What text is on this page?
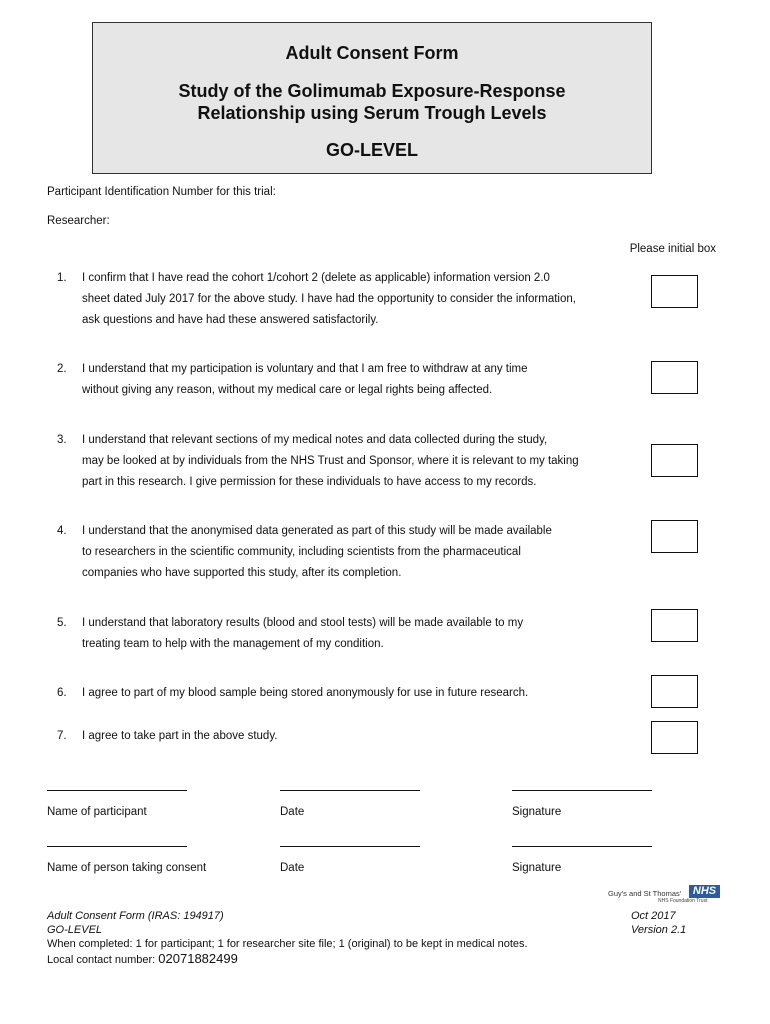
Adult Consent Form
Study of the Golimumab Exposure-Response
Relationship using Serum Trough Levels
GO-LEVEL
Participant Identification Number for this trial:
Researcher:
Please initial box
1. I confirm that I have read the cohort 1/cohort 2 (delete as applicable) information version 2.0
sheet dated July 2017 for the above study. I have had the opportunity to consider the information,
ask questions and have had these answered satisfactorily.
2. I understand that my participation is voluntary and that I am free to withdraw at any time
without giving any reason, without my medical care or legal rights being affected.
3. I understand that relevant sections of my medical notes and data collected during the study,
may be looked at by individuals from the NHS Trust and Sponsor, where it is relevant to my taking
part in this research. I give permission for these individuals to have access to my records.
4. I understand that the anonymised data generated as part of this study will be made available
to researchers in the scientific community, including scientists from the pharmaceutical
companies who have supported this study, after its completion.
5. I understand that laboratory results (blood and stool tests) will be made available to my
treating team to help with the management of my condition.
6. I agree to part of my blood sample being stored anonymously for use in future research.
7. I agree to take part in the above study.
Name of participant	Date	Signature
Name of person taking consent	Date	Signature
Guy's and St Thomas'	NHS
NHS Foundation Trust
Adult Consent Form (IRAS: 194917)
GO-LEVEL
When completed: 1 for participant; 1 for researcher site file; 1 (original) to be kept in medical notes.
Local contact number: 02071882499
Oct 2017
Version 2.1
